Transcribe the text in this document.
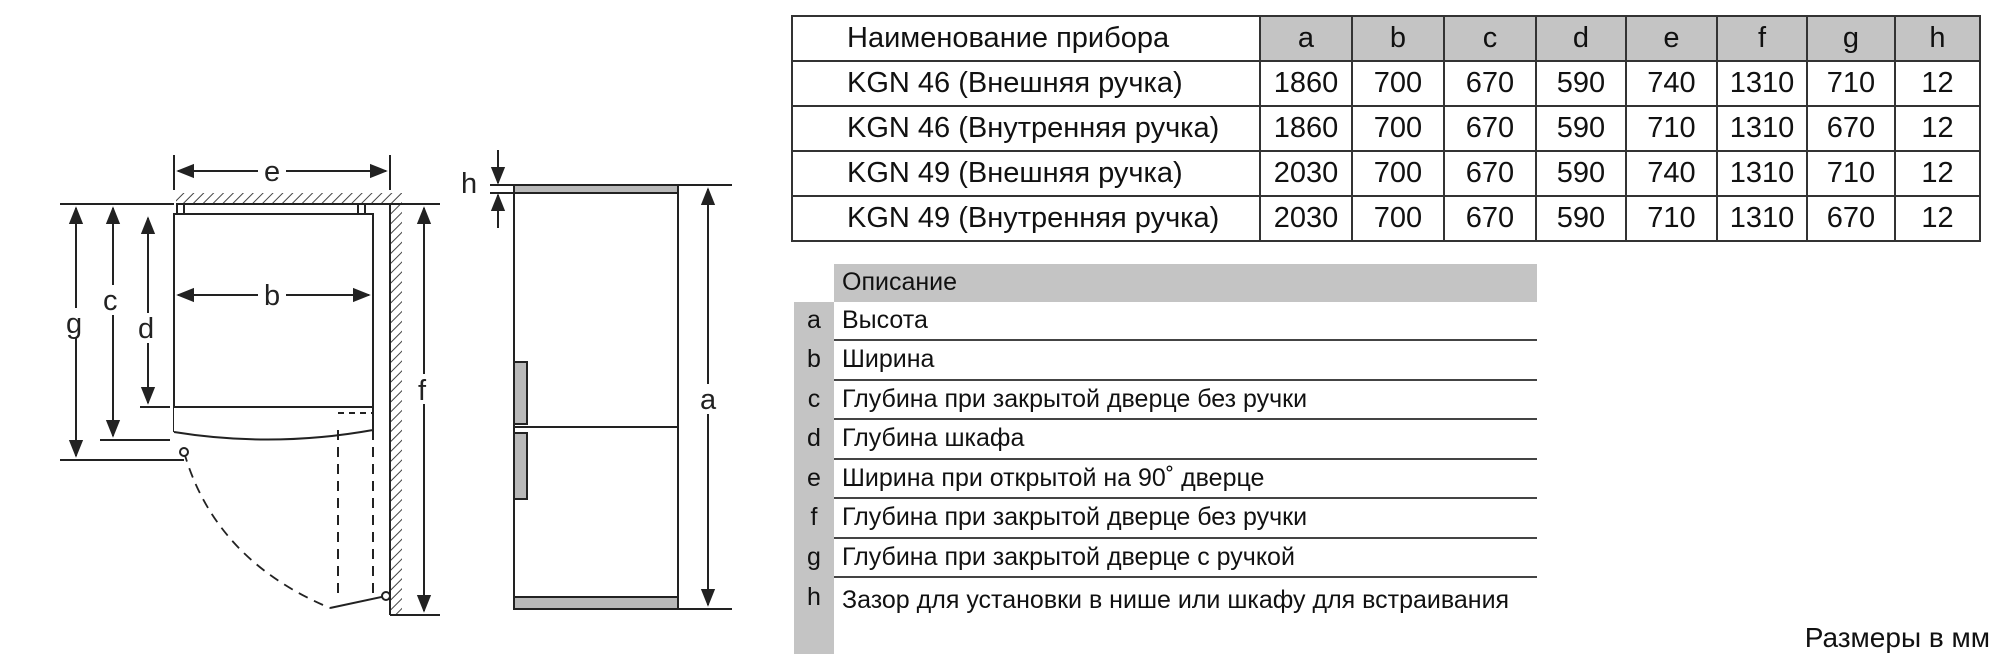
e
b
g
c
d
f	a
h
Наименование прибора	a	b	c	d	e	f	g	h
KGN 46 (Внешняя ручка)	1860	700	670	590	740	1310	710	12
KGN 46 (Внутренняя ручка)	1860	700	670	590	710	1310	670	12
KGN 49 (Внешняя ручка)	2030	700	670	590	740	1310	710	12
KGN 49 (Внутренняя ручка)	2030	700	670	590	710	1310	670	12
	Описание
a	Высота
b	Ширина
c	Глубина при закрытой дверце без ручки
d	Глубина шкафа
e	Ширина при открытой на 90˚ дверце
f	Глубина при закрытой дверце без ручки
g	Глубина при закрытой дверце с ручкой
h	Зазор для установки в нише или шкафу для встраивания
Размеры в мм
